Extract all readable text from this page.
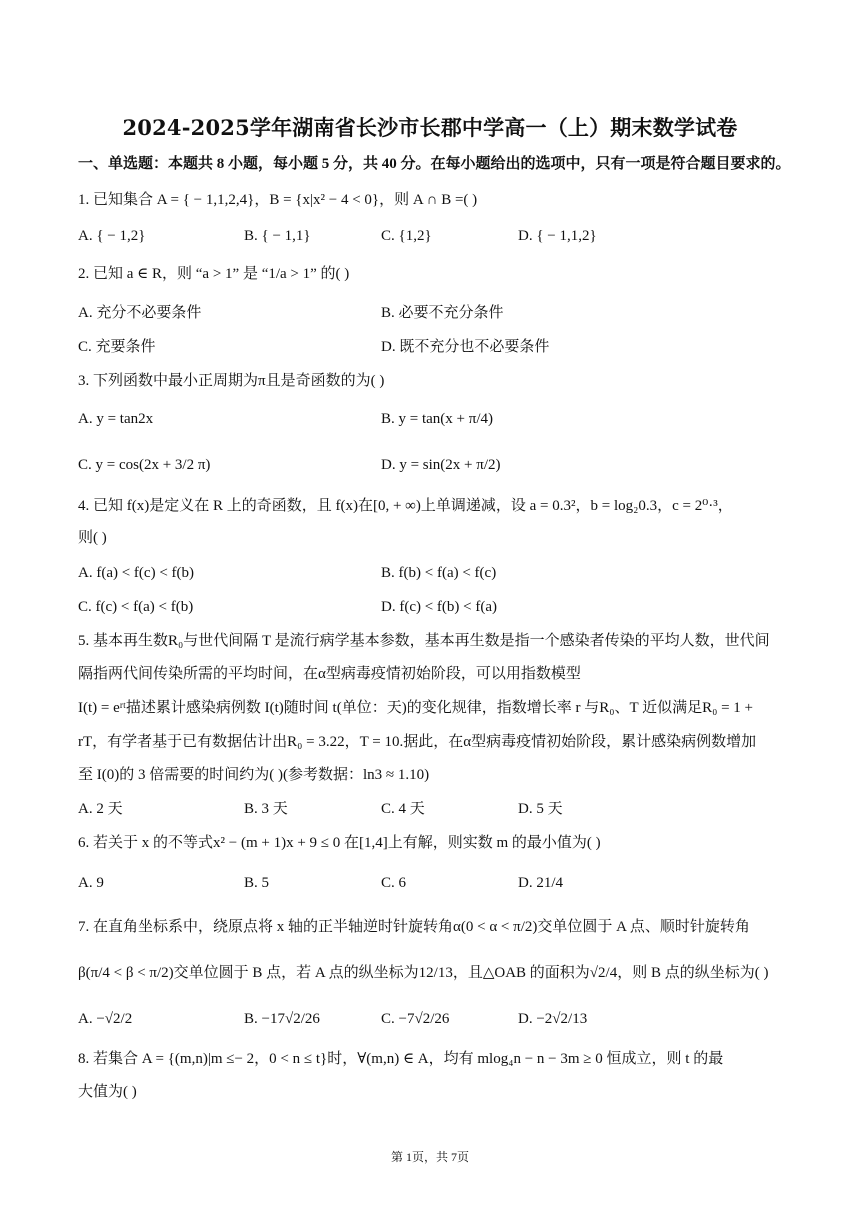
2024-2025学年湖南省长沙市长郡中学高一（上）期末数学试卷
一、单选题：本题共 8 小题，每小题 5 分，共 40 分。在每小题给出的选项中，只有一项是符合题目要求的。
1. 已知集合 A = { − 1,1,2,4}，B = {x|x² − 4 < 0}，则 A ∩ B =( )
A. { − 1,2}	B. { − 1,1}	C. {1,2}	D. { − 1,1,2}
2. 已知 a ∈ R，则 “a > 1” 是 “1/a > 1” 的( )
A. 充分不必要条件	B. 必要不充分条件
C. 充要条件	D. 既不充分也不必要条件
3. 下列函数中最小正周期为π且是奇函数的为( )
A. y = tan2x	B. y = tan(x + π/4)
C. y = cos(2x + 3/2 π)	D. y = sin(2x + π/2)
4. 已知 f(x)是定义在 R 上的奇函数，且 f(x)在[0, + ∞)上单调递减，设 a = 0.3²，b = log₂0.3，c = 2⁰·³，
则( )
A. f(a) < f(c) < f(b)	B. f(b) < f(a) < f(c)
C. f(c) < f(a) < f(b)	D. f(c) < f(b) < f(a)
5. 基本再生数R₀与世代间隔 T 是流行病学基本参数，基本再生数是指一个感染者传染的平均人数，世代间
隔指两代间传染所需的平均时间，在α型病毒疫情初始阶段，可以用指数模型
I(t) = eʳᵗ描述累计感染病例数 I(t)随时间 t(单位：天)的变化规律，指数增长率 r 与R₀、T 近似满足R₀ = 1 +
rT，有学者基于已有数据估计出R₀ = 3.22，T = 10.据此，在α型病毒疫情初始阶段，累计感染病例数增加
至 I(0)的 3 倍需要的时间约为( )(参考数据：ln3 ≈ 1.10)
A. 2 天	B. 3 天	C. 4 天	D. 5 天
6. 若关于 x 的不等式x² − (m + 1)x + 9 ≤ 0 在[1,4]上有解，则实数 m 的最小值为( )
A. 9	B. 5	C. 6	D. 21/4
7. 在直角坐标系中，绕原点将 x 轴的正半轴逆时针旋转角α(0 < α < π/2)交单位圆于 A 点、顺时针旋转角
β(π/4 < β < π/2)交单位圆于 B 点，若 A 点的纵坐标为12/13，且△OAB 的面积为√2/4，则 B 点的纵坐标为( )
A. −√2/2	B. −17√2/26	C. −7√2/26	D. −2√2/13
8. 若集合 A = {(m,n)|m ≤− 2，0 < n ≤ t}时，∀(m,n) ∈ A，均有 mlog₄n − n − 3m ≥ 0 恒成立，则 t 的最
大值为( )
第 1页，共 7页
